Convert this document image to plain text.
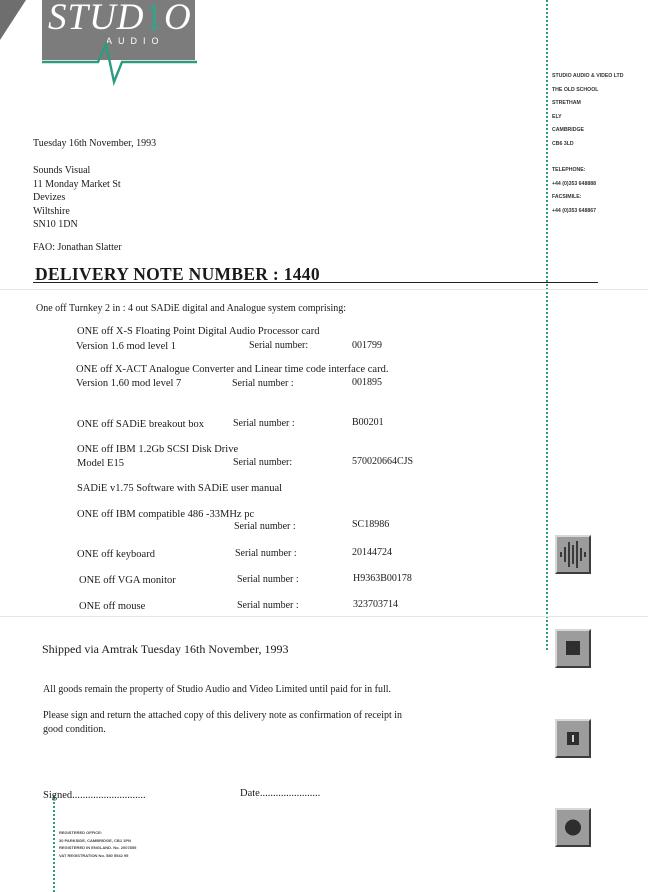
STUD1O
AUDIO
STUDIO AUDIO & VIDEO LTD
THE OLD SCHOOL
STRETHAM
ELY
CAMBRIDGE
CB6 3LD
TELEPHONE:
+44 (0)353 648888
FACSIMILE:
+44 (0)353 648867
Tuesday 16th November, 1993
Sounds Visual
11 Monday Market St
Devizes
Wiltshire
SN10 1DN
FAO: Jonathan Slatter
DELIVERY NOTE NUMBER : 1440
One off Turnkey 2 in : 4 out SADiE digital and Analogue system comprising:
ONE off X-S Floating Point Digital Audio Processor card
Version 1.6 mod level 1	Serial number:	001799
ONE off X-ACT Analogue Converter and Linear time code interface card.
Version 1.60 mod level 7	Serial number :	001895
ONE off SADiE breakout box	Serial number :	B00201
ONE off IBM 1.2Gb SCSI Disk Drive
Model E15	Serial number:	570020664CJS
SADiE v1.75 Software with SADiE user manual
ONE off IBM compatible 486 -33MHz pc
Serial number :	SC18986
ONE off keyboard	Serial number :	20144724
ONE off VGA monitor	Serial number :	H9363B00178
ONE off mouse	Serial number :	323703714
Shipped via Amtrak Tuesday 16th November, 1993
All goods remain the property of Studio Audio and Video Limited until paid for in full.
Please sign and return the attached copy of this delivery note as confirmation of receipt in
good condition.
Signed............................	Date.......................
REGISTERED OFFICE:
30 PARKSIDE, CAMBRIDGE, CB1 1PN
REGISTERED IN ENGLAND. No. 2007855
VAT REGISTRATION No. 580 5542 95
